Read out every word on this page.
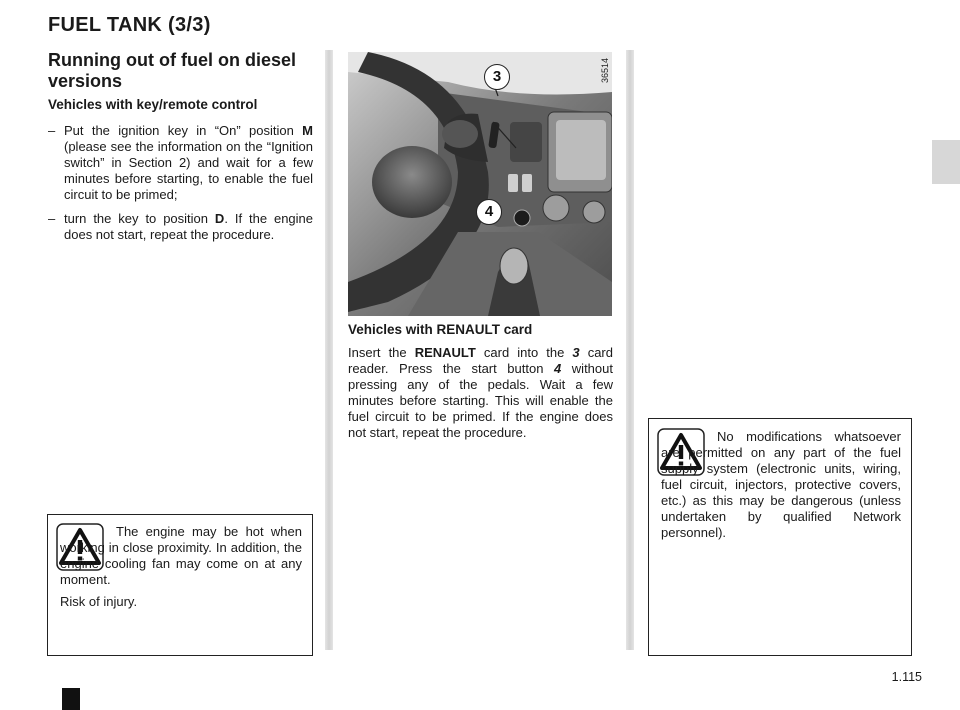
FUEL TANK (3/3)
Running out of fuel on diesel versions
Vehicles with key/remote control
– Put the ignition key in “On” position M (please see the information on the “Ignition switch” in Section 2) and wait for a few minutes before starting, to enable the fuel circuit to be primed;
– turn the key to position D. If the engine does not start, repeat the procedure.
The engine may be hot when working in close proximity. In addition, the engine cooling fan may come on at any moment.
Risk of injury.
36514
3
4
Vehicles with RENAULT card
Insert the RENAULT card into the 3 card reader. Press the start button 4 without pressing any of the pedals. Wait a few minutes before starting. This will enable the fuel circuit to be primed. If the engine does not start, repeat the procedure.	No modifications whatsoever are permitted on any part of the fuel supply system (electronic units, wiring, fuel circuit, injectors, protective covers, etc.) as this may be dangerous (unless undertaken by qualified Network personnel).
1.115
